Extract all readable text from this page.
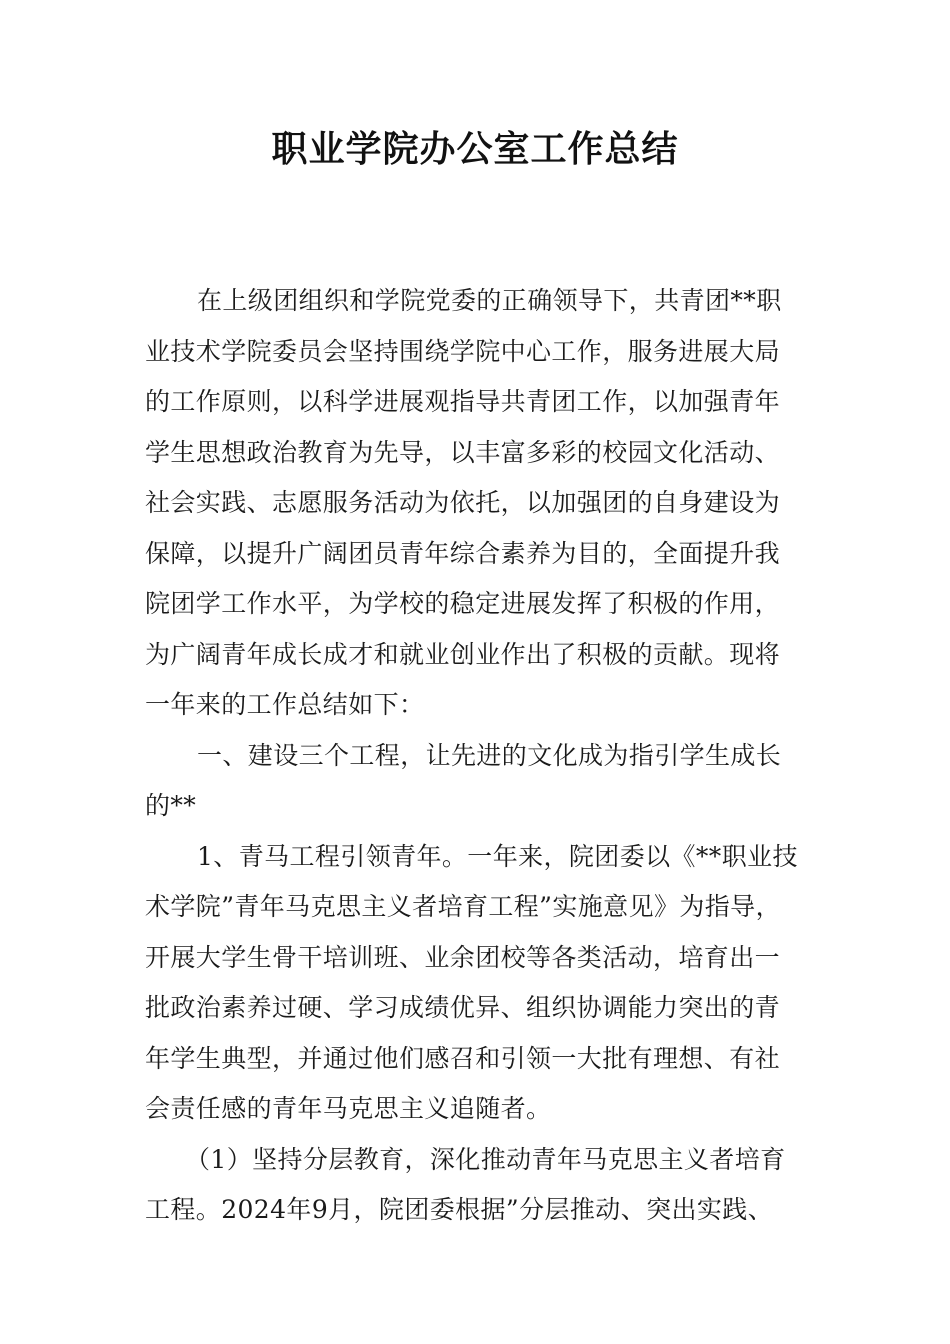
职业学院办公室工作总结
在上级团组织和学院党委的正确领导下，共青团**职
业技术学院委员会坚持围绕学院中心工作，服务进展大局
的工作原则，以科学进展观指导共青团工作，以加强青年
学生思想政治教育为先导，以丰富多彩的校园文化活动、
社会实践、志愿服务活动为依托，以加强团的自身建设为
保障，以提升广阔团员青年综合素养为目的，全面提升我
院团学工作水平，为学校的稳定进展发挥了积极的作用，
为广阔青年成长成才和就业创业作出了积极的贡献。现将
一年来的工作总结如下：
一、建设三个工程，让先进的文化成为指引学生成长
的**
1、青马工程引领青年。一年来，院团委以《**职业技
术学院”青年马克思主义者培育工程”实施意见》为指导，
开展大学生骨干培训班、业余团校等各类活动，培育出一
批政治素养过硬、学习成绩优异、组织协调能力突出的青
年学生典型，并通过他们感召和引领一大批有理想、有社
会责任感的青年马克思主义追随者。
（1）坚持分层教育，深化推动青年马克思主义者培育
工程。2024年9月，院团委根据”分层推动、突出实践、
